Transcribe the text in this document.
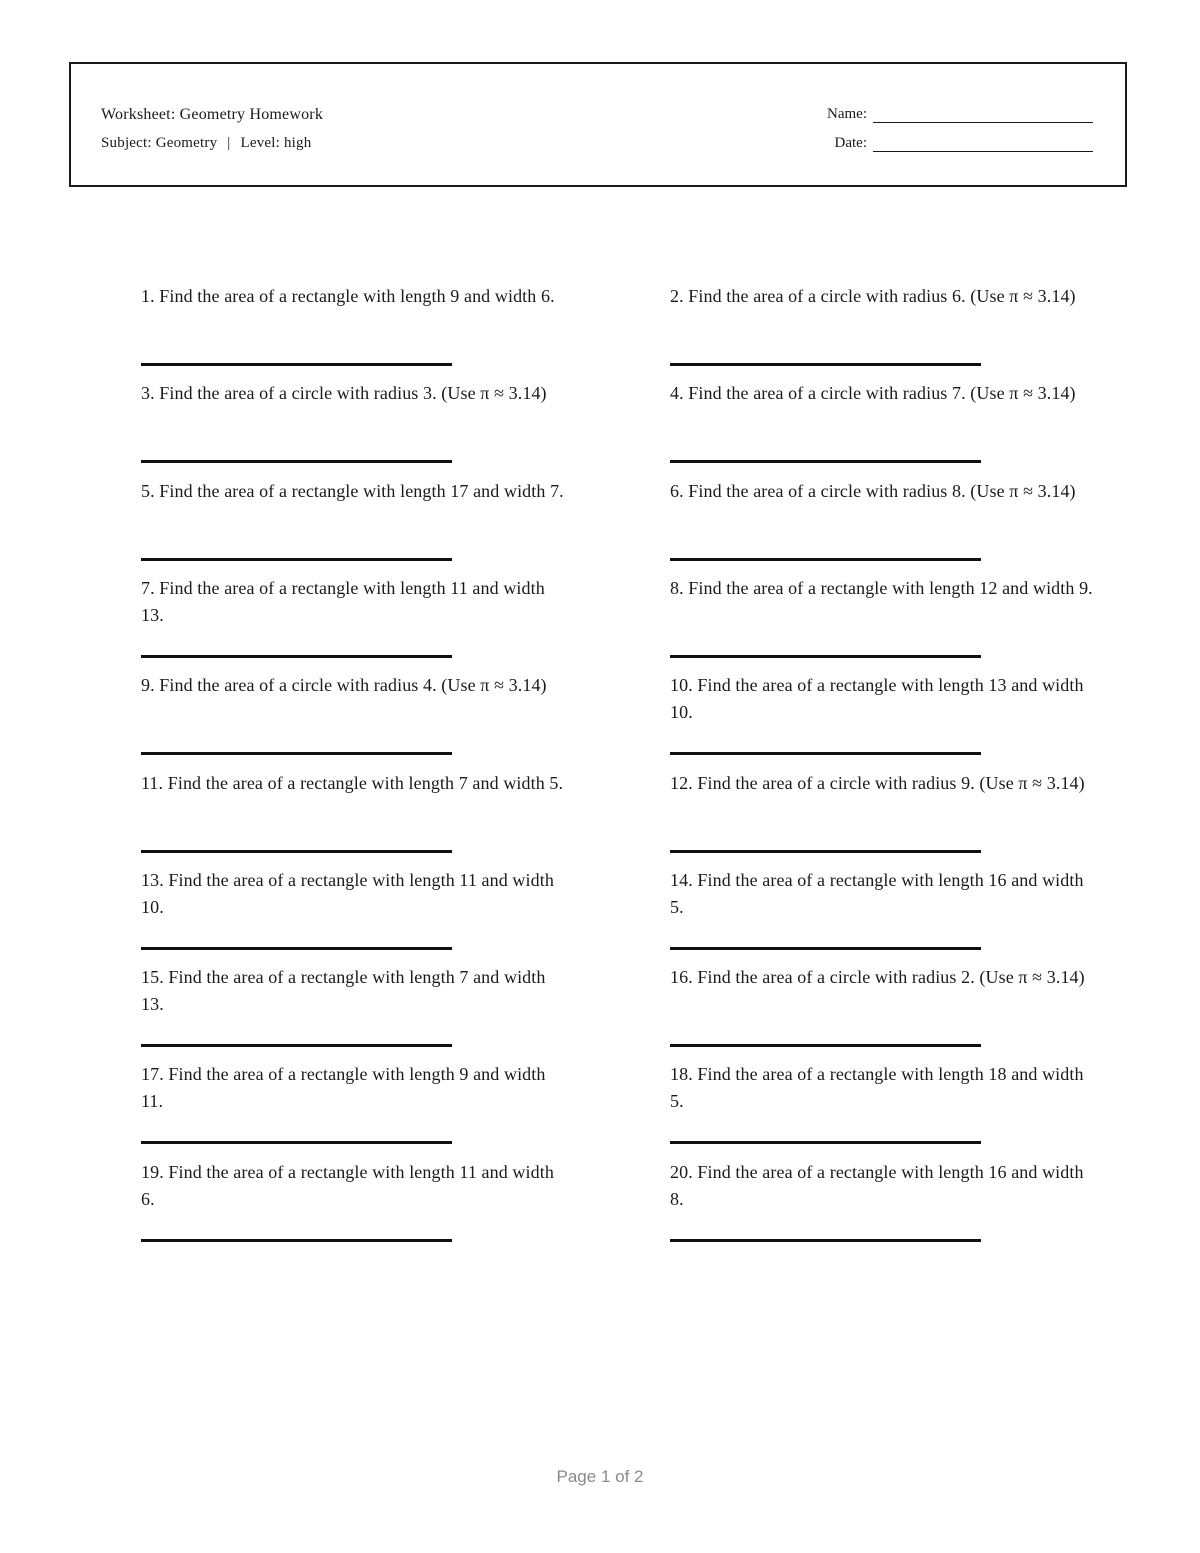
Worksheet: Geometry Homework
Subject: Geometry | Level: high
Name:
Date:

1. Find the area of a rectangle with length 9 and width 6.	2. Find the area of a circle with radius 6. (Use π ≈ 3.14)

3. Find the area of a circle with radius 3. (Use π ≈ 3.14)	4. Find the area of a circle with radius 7. (Use π ≈ 3.14)

5. Find the area of a rectangle with length 17 and width 7.	6. Find the area of a circle with radius 8. (Use π ≈ 3.14)

7. Find the area of a rectangle with length 11 and width 13.

8. Find the area of a rectangle with length 12 and width 9.

9. Find the area of a circle with radius 4. (Use π ≈ 3.14)	10. Find the area of a rectangle with length 13 and width 10.

11. Find the area of a rectangle with length 7 and width 5.	12. Find the area of a circle with radius 9. (Use π ≈ 3.14)

13. Find the area of a rectangle with length 11 and width 10.

14. Find the area of a rectangle with length 16 and width 5.

15. Find the area of a rectangle with length 7 and width 13.

16. Find the area of a circle with radius 2. (Use π ≈ 3.14)

17. Find the area of a rectangle with length 9 and width 11.

18. Find the area of a rectangle with length 18 and width 5.

19. Find the area of a rectangle with length 11 and width 6.

20. Find the area of a rectangle with length 16 and width 8.

Page 1 of 2
